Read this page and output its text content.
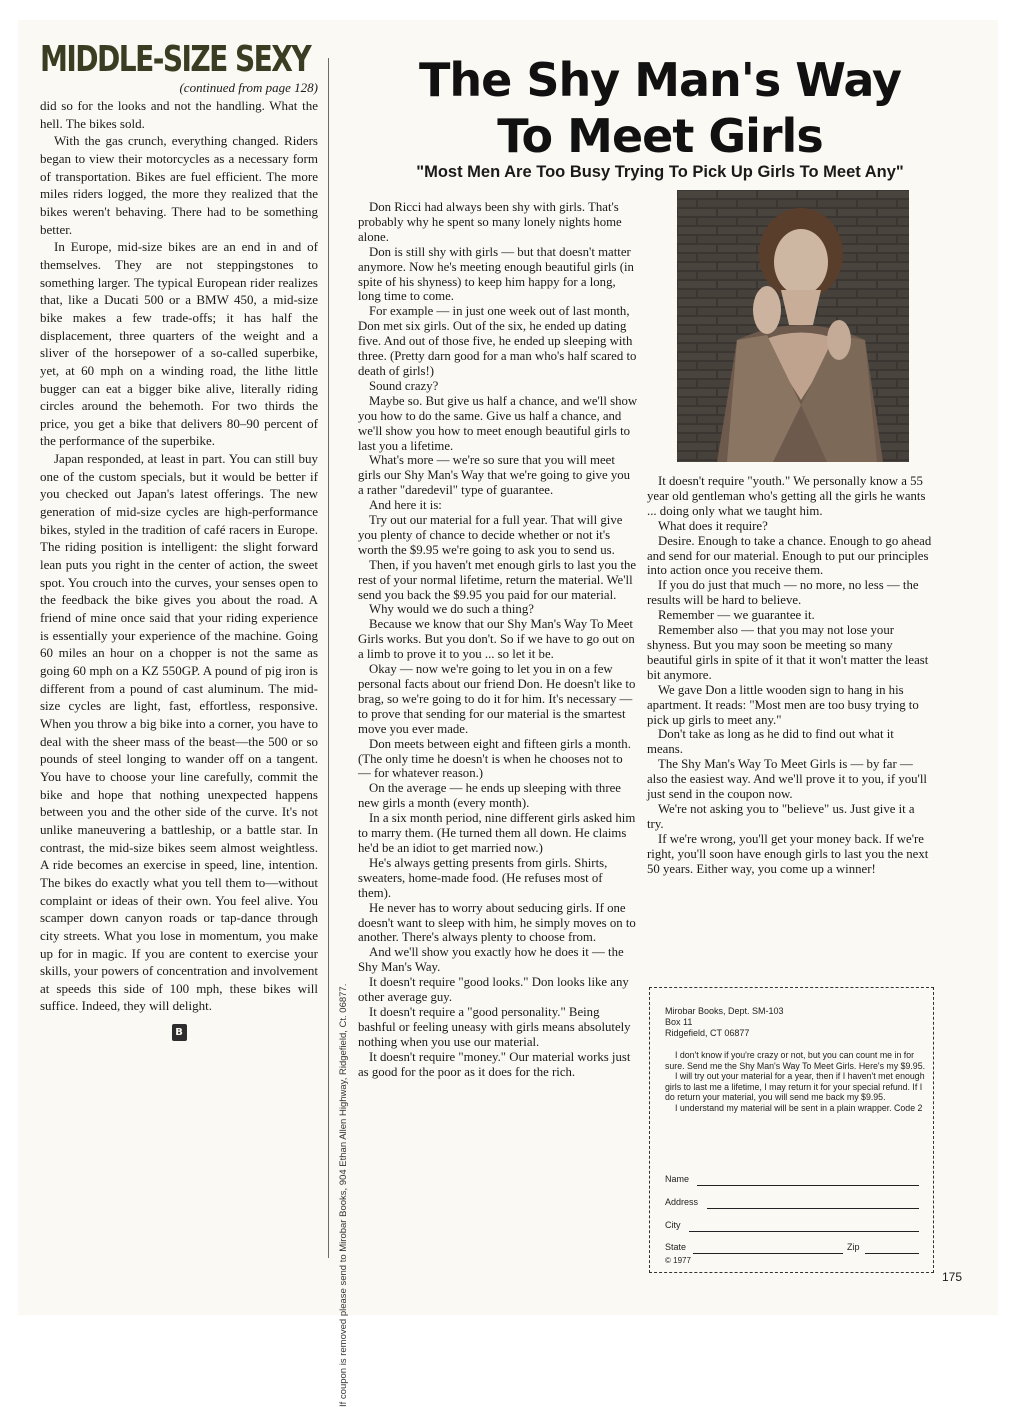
MIDDLE-SIZE SEXY

(continued from page 128)

did so for the looks and not the handling. What the hell. The bikes sold.

With the gas crunch, everything changed. Riders began to view their motorcycles as a necessary form of transportation. Bikes are fuel efficient. The more miles riders logged, the more they realized that the bikes weren't behaving. There had to be something better.

In Europe, mid-size bikes are an end in and of themselves. They are not steppingstones to something larger. The typical European rider realizes that, like a Ducati 500 or a BMW 450, a mid-size bike makes a few trade-offs; it has half the displacement, three quarters of the weight and a sliver of the horsepower of a so-called superbike, yet, at 60 mph on a winding road, the lithe little bugger can eat a bigger bike alive, literally riding circles around the behemoth. For two thirds the price, you get a bike that delivers 80–90 percent of the performance of the superbike.

Japan responded, at least in part. You can still buy one of the custom specials, but it would be better if you checked out Japan's latest offerings. The new generation of mid-size cycles are high-performance bikes, styled in the tradition of café racers in Europe. The riding position is intelligent: the slight forward lean puts you right in the center of action, the sweet spot. You crouch into the curves, your senses open to the feedback the bike gives you about the road. A friend of mine once said that your riding experience is essentially your experience of the machine. Going 60 miles an hour on a chopper is not the same as going 60 mph on a KZ 550GP. A pound of pig iron is different from a pound of cast aluminum. The mid-size cycles are light, fast, effortless, responsive. When you throw a big bike into a corner, you have to deal with the sheer mass of the beast—the 500 or so pounds of steel longing to wander off on a tangent. You have to choose your line carefully, commit the bike and hope that nothing unexpected happens between you and the other side of the curve. It's not unlike maneuvering a battleship, or a battle star. In contrast, the mid-size bikes seem almost weightless. A ride becomes an exercise in speed, line, intention. The bikes do exactly what you tell them to—without complaint or ideas of their own. You feel alive. You scamper down canyon roads or tap-dance through city streets. What you lose in momentum, you make up for in magic. If you are content to exercise your skills, your powers of concentration and involvement at speeds this side of 100 mph, these bikes will suffice. Indeed, they will delight.

B	If coupon is removed please send to Mirobar Books, 904 Ethan Allen Highway, Ridgefield, Ct. 06877.
The Shy Man's Way
To Meet Girls

"Most Men Are Too Busy Trying To Pick Up Girls To Meet Any"

Don Ricci had always been shy with girls. That's probably why he spent so many lonely nights home alone.

Don is still shy with girls — but that doesn't matter anymore. Now he's meeting enough beautiful girls (in spite of his shyness) to keep him happy for a long, long time to come.

For example — in just one week out of last month, Don met six girls. Out of the six, he ended up dating five. And out of those five, he ended up sleeping with three. (Pretty darn good for a man who's half scared to death of girls!)

Sound crazy?

Maybe so. But give us half a chance, and we'll show you how to do the same. Give us half a chance, and we'll show you how to meet enough beautiful girls to last you a lifetime.

What's more — we're so sure that you will meet girls our Shy Man's Way that we're going to give you a rather "daredevil" type of guarantee.

And here it is:

Try out our material for a full year. That will give you plenty of chance to decide whether or not it's worth the $9.95 we're going to ask you to send us.

Then, if you haven't met enough girls to last you the rest of your normal lifetime, return the material. We'll send you back the $9.95 you paid for our material.

Why would we do such a thing?

Because we know that our Shy Man's Way To Meet Girls works. But you don't. So if we have to go out on a limb to prove it to you ... so let it be.

Okay — now we're going to let you in on a few personal facts about our friend Don. He doesn't like to brag, so we're going to do it for him. It's necessary — to prove that sending for our material is the smartest move you ever made.

Don meets between eight and fifteen girls a month. (The only time he doesn't is when he chooses not to — for whatever reason.)

On the average — he ends up sleeping with three new girls a month (every month).

In a six month period, nine different girls asked him to marry them. (He turned them all down. He claims he'd be an idiot to get married now.)

He's always getting presents from girls. Shirts, sweaters, home-made food. (He refuses most of them).

He never has to worry about seducing girls. If one doesn't want to sleep with him, he simply moves on to another. There's always plenty to choose from.

And we'll show you exactly how he does it — the Shy Man's Way.

It doesn't require "good looks." Don looks like any other average guy.

It doesn't require a "good personality." Being bashful or feeling uneasy with girls means absolutely nothing when you use our material.

It doesn't require "money." Our material works just as good for the poor as it does for the rich.

It doesn't require "youth." We personally know a 55 year old gentleman who's getting all the girls he wants ... doing only what we taught him.

What does it require?

Desire. Enough to take a chance. Enough to go ahead and send for our material. Enough to put our principles into action once you receive them.

If you do just that much — no more, no less — the results will be hard to believe.

Remember — we guarantee it.

Remember also — that you may not lose your shyness. But you may soon be meeting so many beautiful girls in spite of it that it won't matter the least bit anymore.

We gave Don a little wooden sign to hang in his apartment. It reads: "Most men are too busy trying to pick up girls to meet any."

Don't take as long as he did to find out what it means.

The Shy Man's Way To Meet Girls is — by far — also the easiest way. And we'll prove it to you, if you'll just send in the coupon now.

We're not asking you to "believe" us. Just give it a try.

If we're wrong, you'll get your money back. If we're right, you'll soon have enough girls to last you the next 50 years. Either way, you come up a winner!

Mirobar Books, Dept. SM-103
Box 11
Ridgefield, CT 06877

I don't know if you're crazy or not, but you can count me in for sure. Send me the Shy Man's Way To Meet Girls. Here's my $9.95.

I will try out your material for a year, then if I haven't met enough girls to last me a lifetime, I may return it for your special refund. If I do return your material, you will send me back my $9.95.

I understand my material will be sent in a plain wrapper. Code 2

Name
Address
City
State	Zip
© 1977
175
